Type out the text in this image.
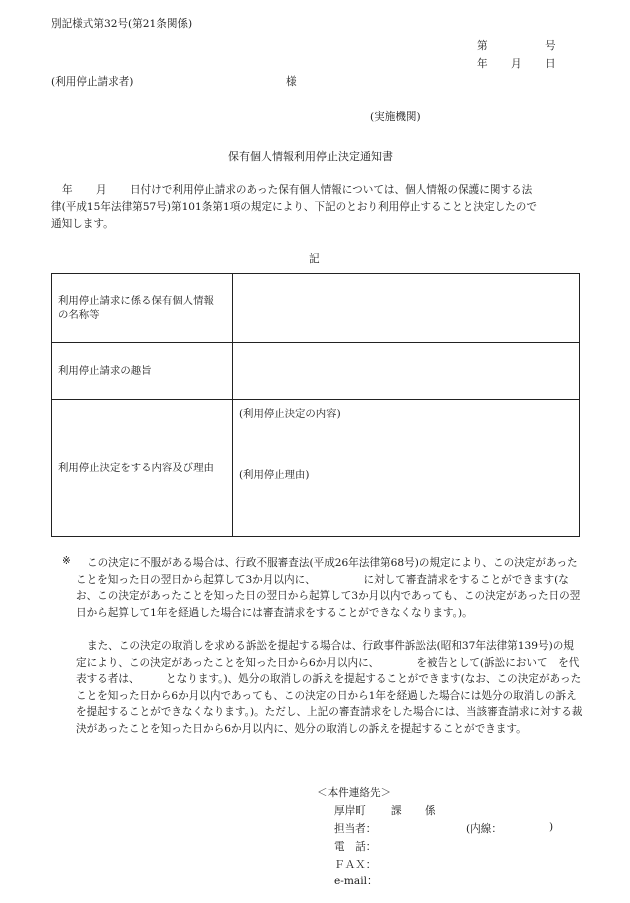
別記様式第32号(第21条関係)
第	号
年 月 日
(利用停止請求者)	様
(実施機関)
保有個人情報利用停止決定通知書
年 月 日付けで利用停止請求のあった保有個人情報については、個人情報の保護に関する法
律(平成15年法律第57号)第101条第1項の規定により、下記のとおり利用停止することと決定したので
通知します。
記
利用停止請求に係る保有個人情報の名称等	
利用停止請求の趣旨	
利用停止決定をする内容及び理由	(利用停止決定の内容)
(利用停止理由)
※	この決定に不服がある場合は、行政不服審査法(平成26年法律第68号)の規定により、この決定があったことを知った日の翌日から起算して3か月以内に、　　　　　に対して審査請求をすることができます(なお、この決定があったことを知った日の翌日から起算して3か月以内であっても、この決定があった日の翌日から起算して1年を経過した場合には審査請求をすることができなくなります。)。
また、この決定の取消しを求める訴訟を提起する場合は、行政事件訴訟法(昭和37年法律第139号)の規定により、この決定があったことを知った日から6か月以内に、　　　　を被告として(訴訟において　を代表する者は、　　　となります。)、処分の取消しの訴えを提起することができます(なお、この決定があったことを知った日から6か月以内であっても、この決定の日から1年を経過した場合には処分の取消しの訴えを提起することができなくなります。)。ただし、上記の審査請求をした場合には、当該審査請求に対する裁決があったことを知った日から6か月以内に、処分の取消しの訴えを提起することができます。
＜本件連絡先＞
厚岸町 課 係
担当者：	(内線：	)
電　話：
ＦＡＸ：
e-mail：
